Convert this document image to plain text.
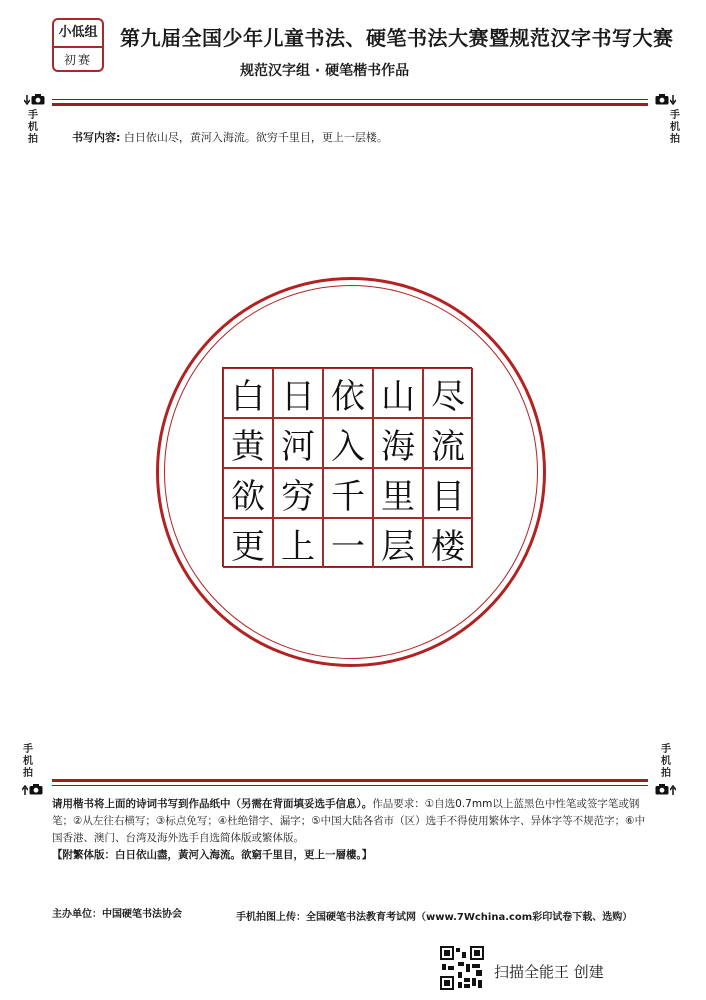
小低组
初赛
第九届全国少年儿童书法、硬笔书法大赛暨规范汉字书写大赛
规范汉字组 · 硬笔楷书作品
手机拍
手机拍
书写内容: 白日依山尽，黄河入海流。欲穷千里目，更上一层楼。
白 日 依 山 尽
黄 河 入 海 流
欲 穷 千 里 目
更 上 一 层 楼
手机拍
手机拍
请用楷书将上面的诗词书写到作品纸中（另需在背面填妥选手信息）。作品要求：①自选0.7mm以上蓝黑色中性笔或签字笔或钢笔；②从左往右横写；③标点免写；④杜绝错字、漏字；⑤中国大陆各省市（区）选手不得使用繁体字、异体字等不规范字；⑥中国香港、澳门、台湾及海外选手自选简体版或繁体版。
【附繁体版：白日依山盡，黃河入海流。欲窮千里目，更上一層樓。】
主办单位：中国硬笔书法协会	手机拍图上传：全国硬笔书法教育考试网（www.7Wchina.com彩印试卷下载、选购）
扫描全能王 创建
